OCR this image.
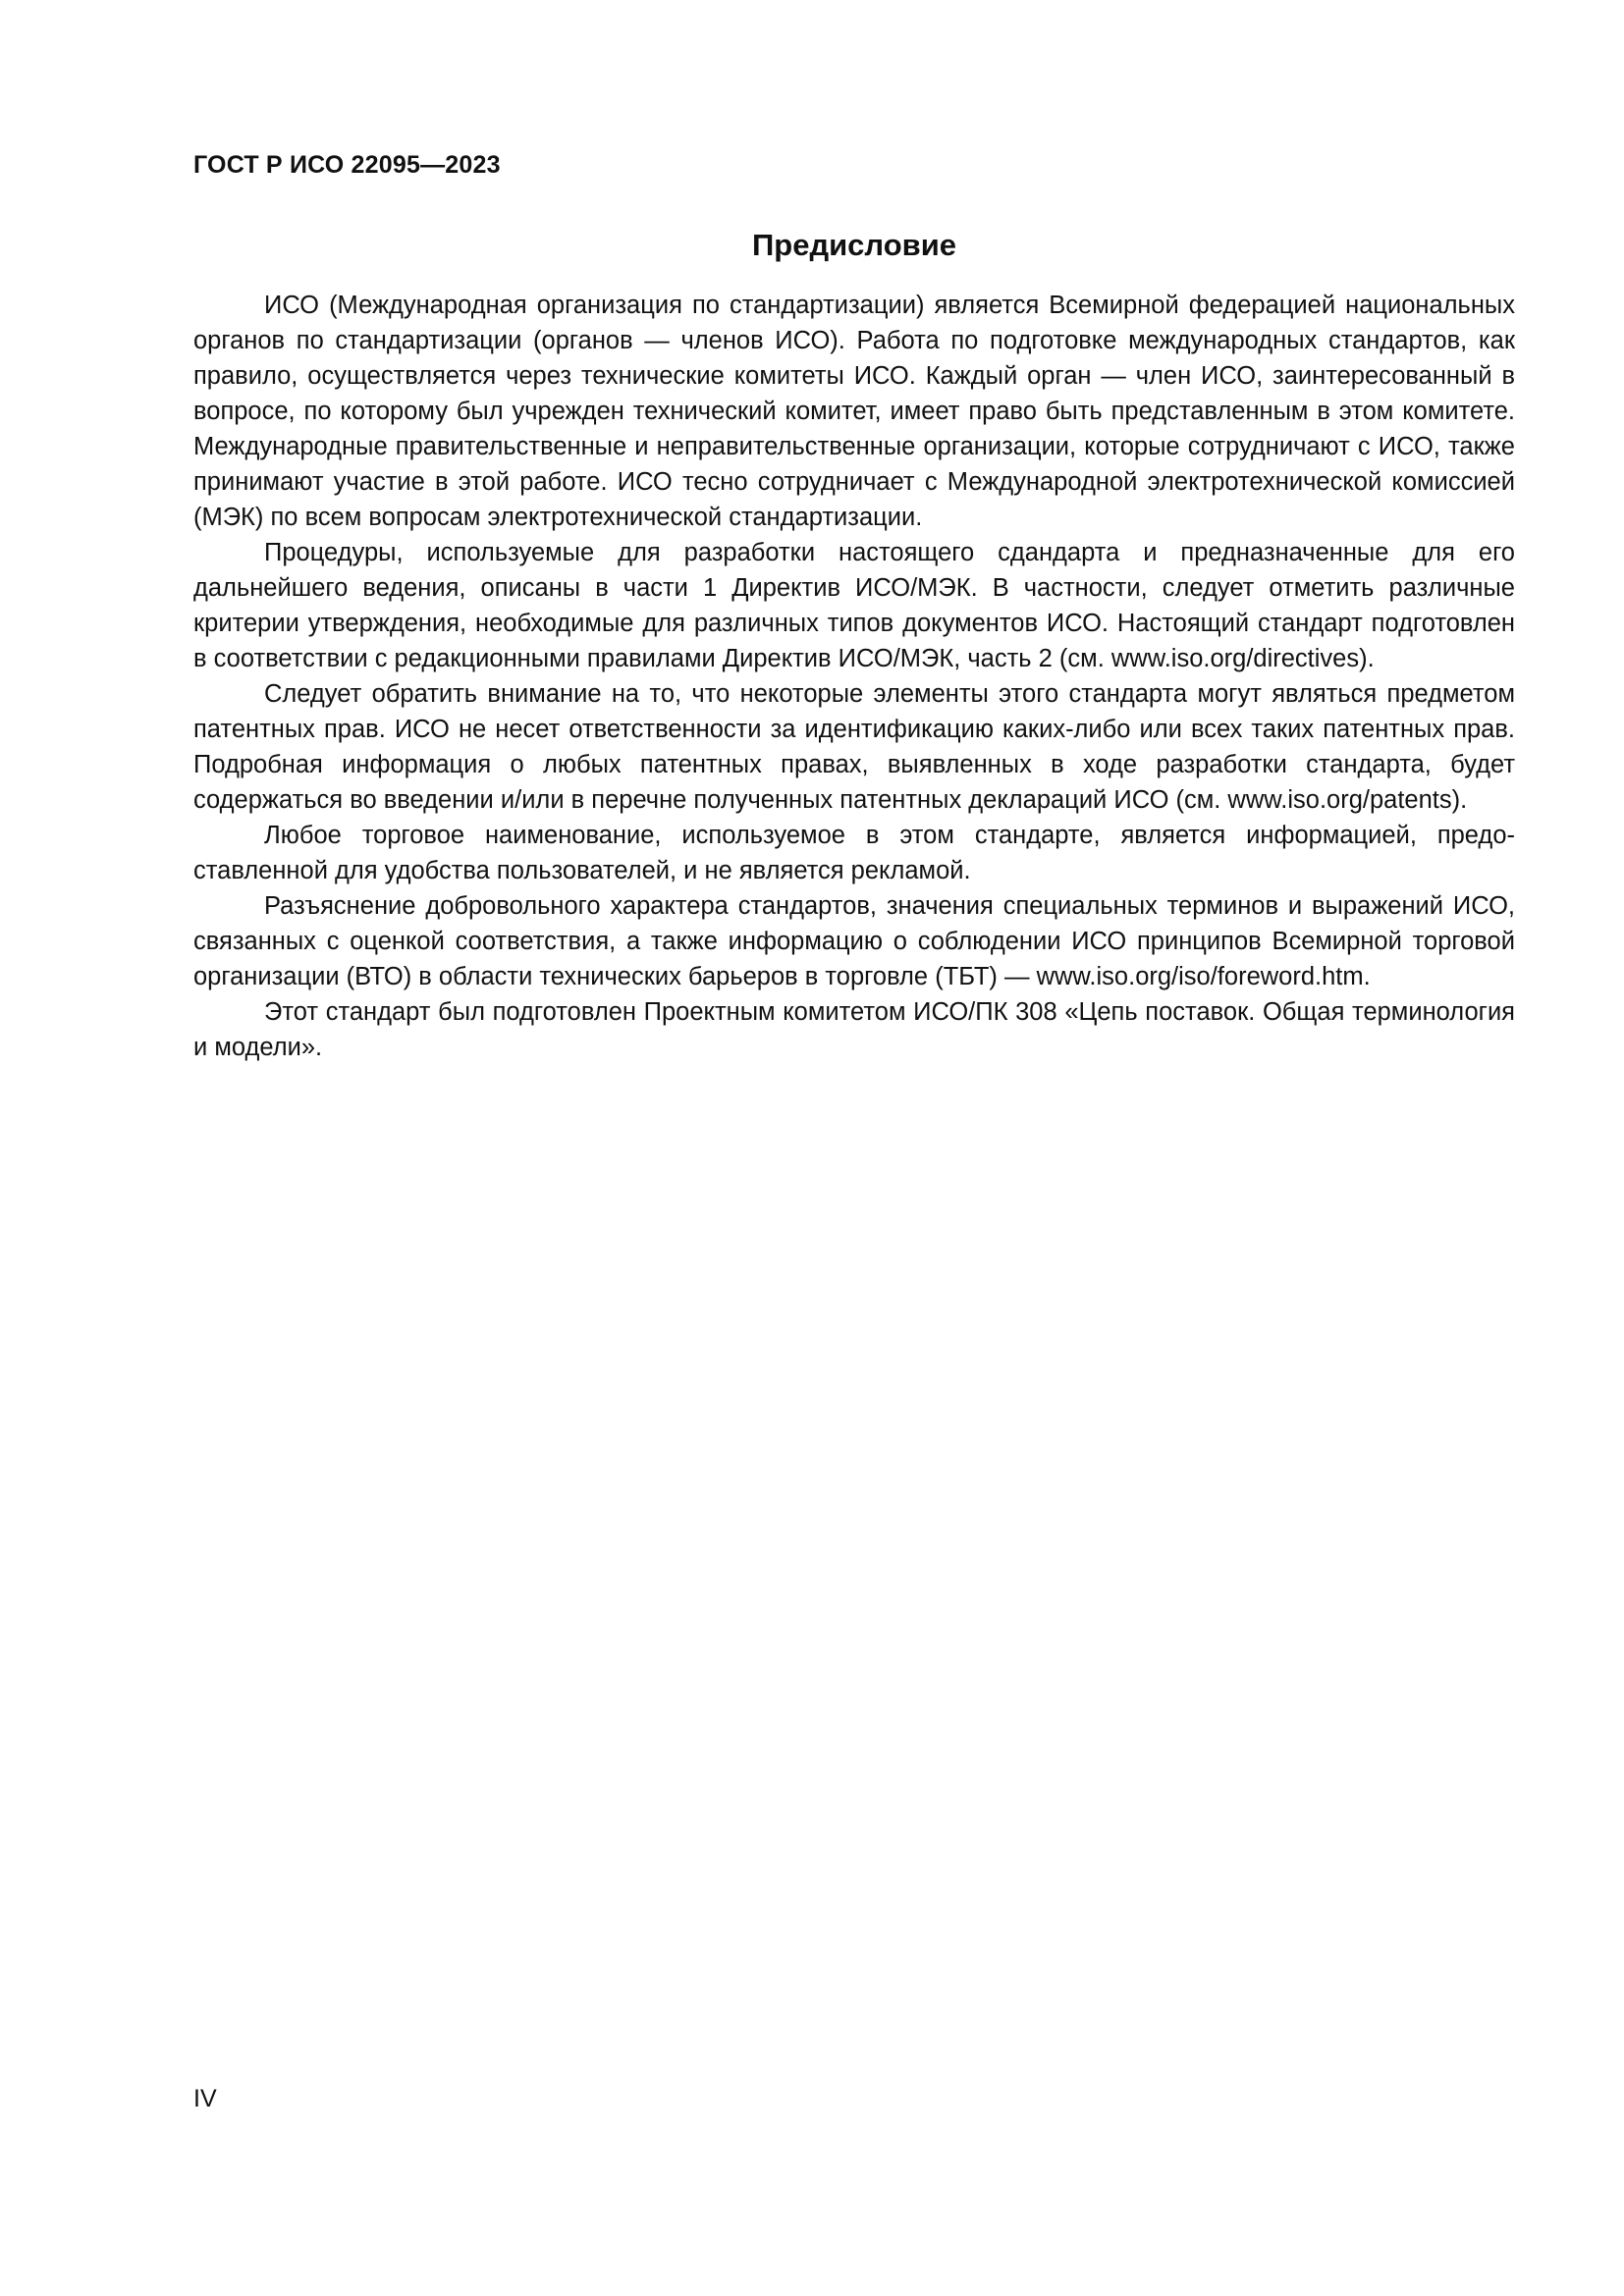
ГОСТ Р ИСО 22095—2023
Предисловие

ИСО (Международная организация по стандартизации) является Всемирной федерацией национальных органов по стандартизации (органов — членов ИСО). Работа по подготовке международных стандартов, как правило, осуществляется через технические комитеты ИСО. Каждый орган — член ИСО, заинтересованный в вопросе, по которому был учрежден технический комитет, имеет право быть представленным в этом комитете. Международные правительственные и неправительственные организации, которые сотрудничают с ИСО, также принимают участие в этой работе. ИСО тесно сотрудничает с Международной электротехнической комиссией (МЭК) по всем вопросам электротехнической стандартизации.

Процедуры, используемые для разработки настоящего сдандарта и предназначенные для его дальнейшего ведения, описаны в части 1 Директив ИСО/МЭК. В частности, следует отметить различные критерии утверждения, необходимые для различных типов документов ИСО. Настоящий стандарт подготовлен в соответствии с редакционными правилами Директив ИСО/МЭК, часть 2 (см. www.iso.org/directives).

Следует обратить внимание на то, что некоторые элементы этого стандарта могут являться предметом патентных прав. ИСО не несет ответственности за идентификацию каких-либо или всех таких патентных прав. Подробная информация о любых патентных правах, выявленных в ходе разработки стандарта, будет содержаться во введении и/или в перечне полученных патентных деклараций ИСО (см. www.iso.org/patents).

Любое торговое наименование, используемое в этом стандарте, является информацией, предоставленной для удобства пользователей, и не является рекламой.

Разъяснение добровольного характера стандартов, значения специальных терминов и выражений ИСО, связанных с оценкой соответствия, а также информацию о соблюдении ИСО принципов Всемирной торговой организации (ВТО) в области технических барьеров в торговле (ТБТ) — www.iso.org/iso/foreword.htm.

Этот стандарт был подготовлен Проектным комитетом ИСО/ПК 308 «Цепь поставок. Общая терминология и модели».

IV
